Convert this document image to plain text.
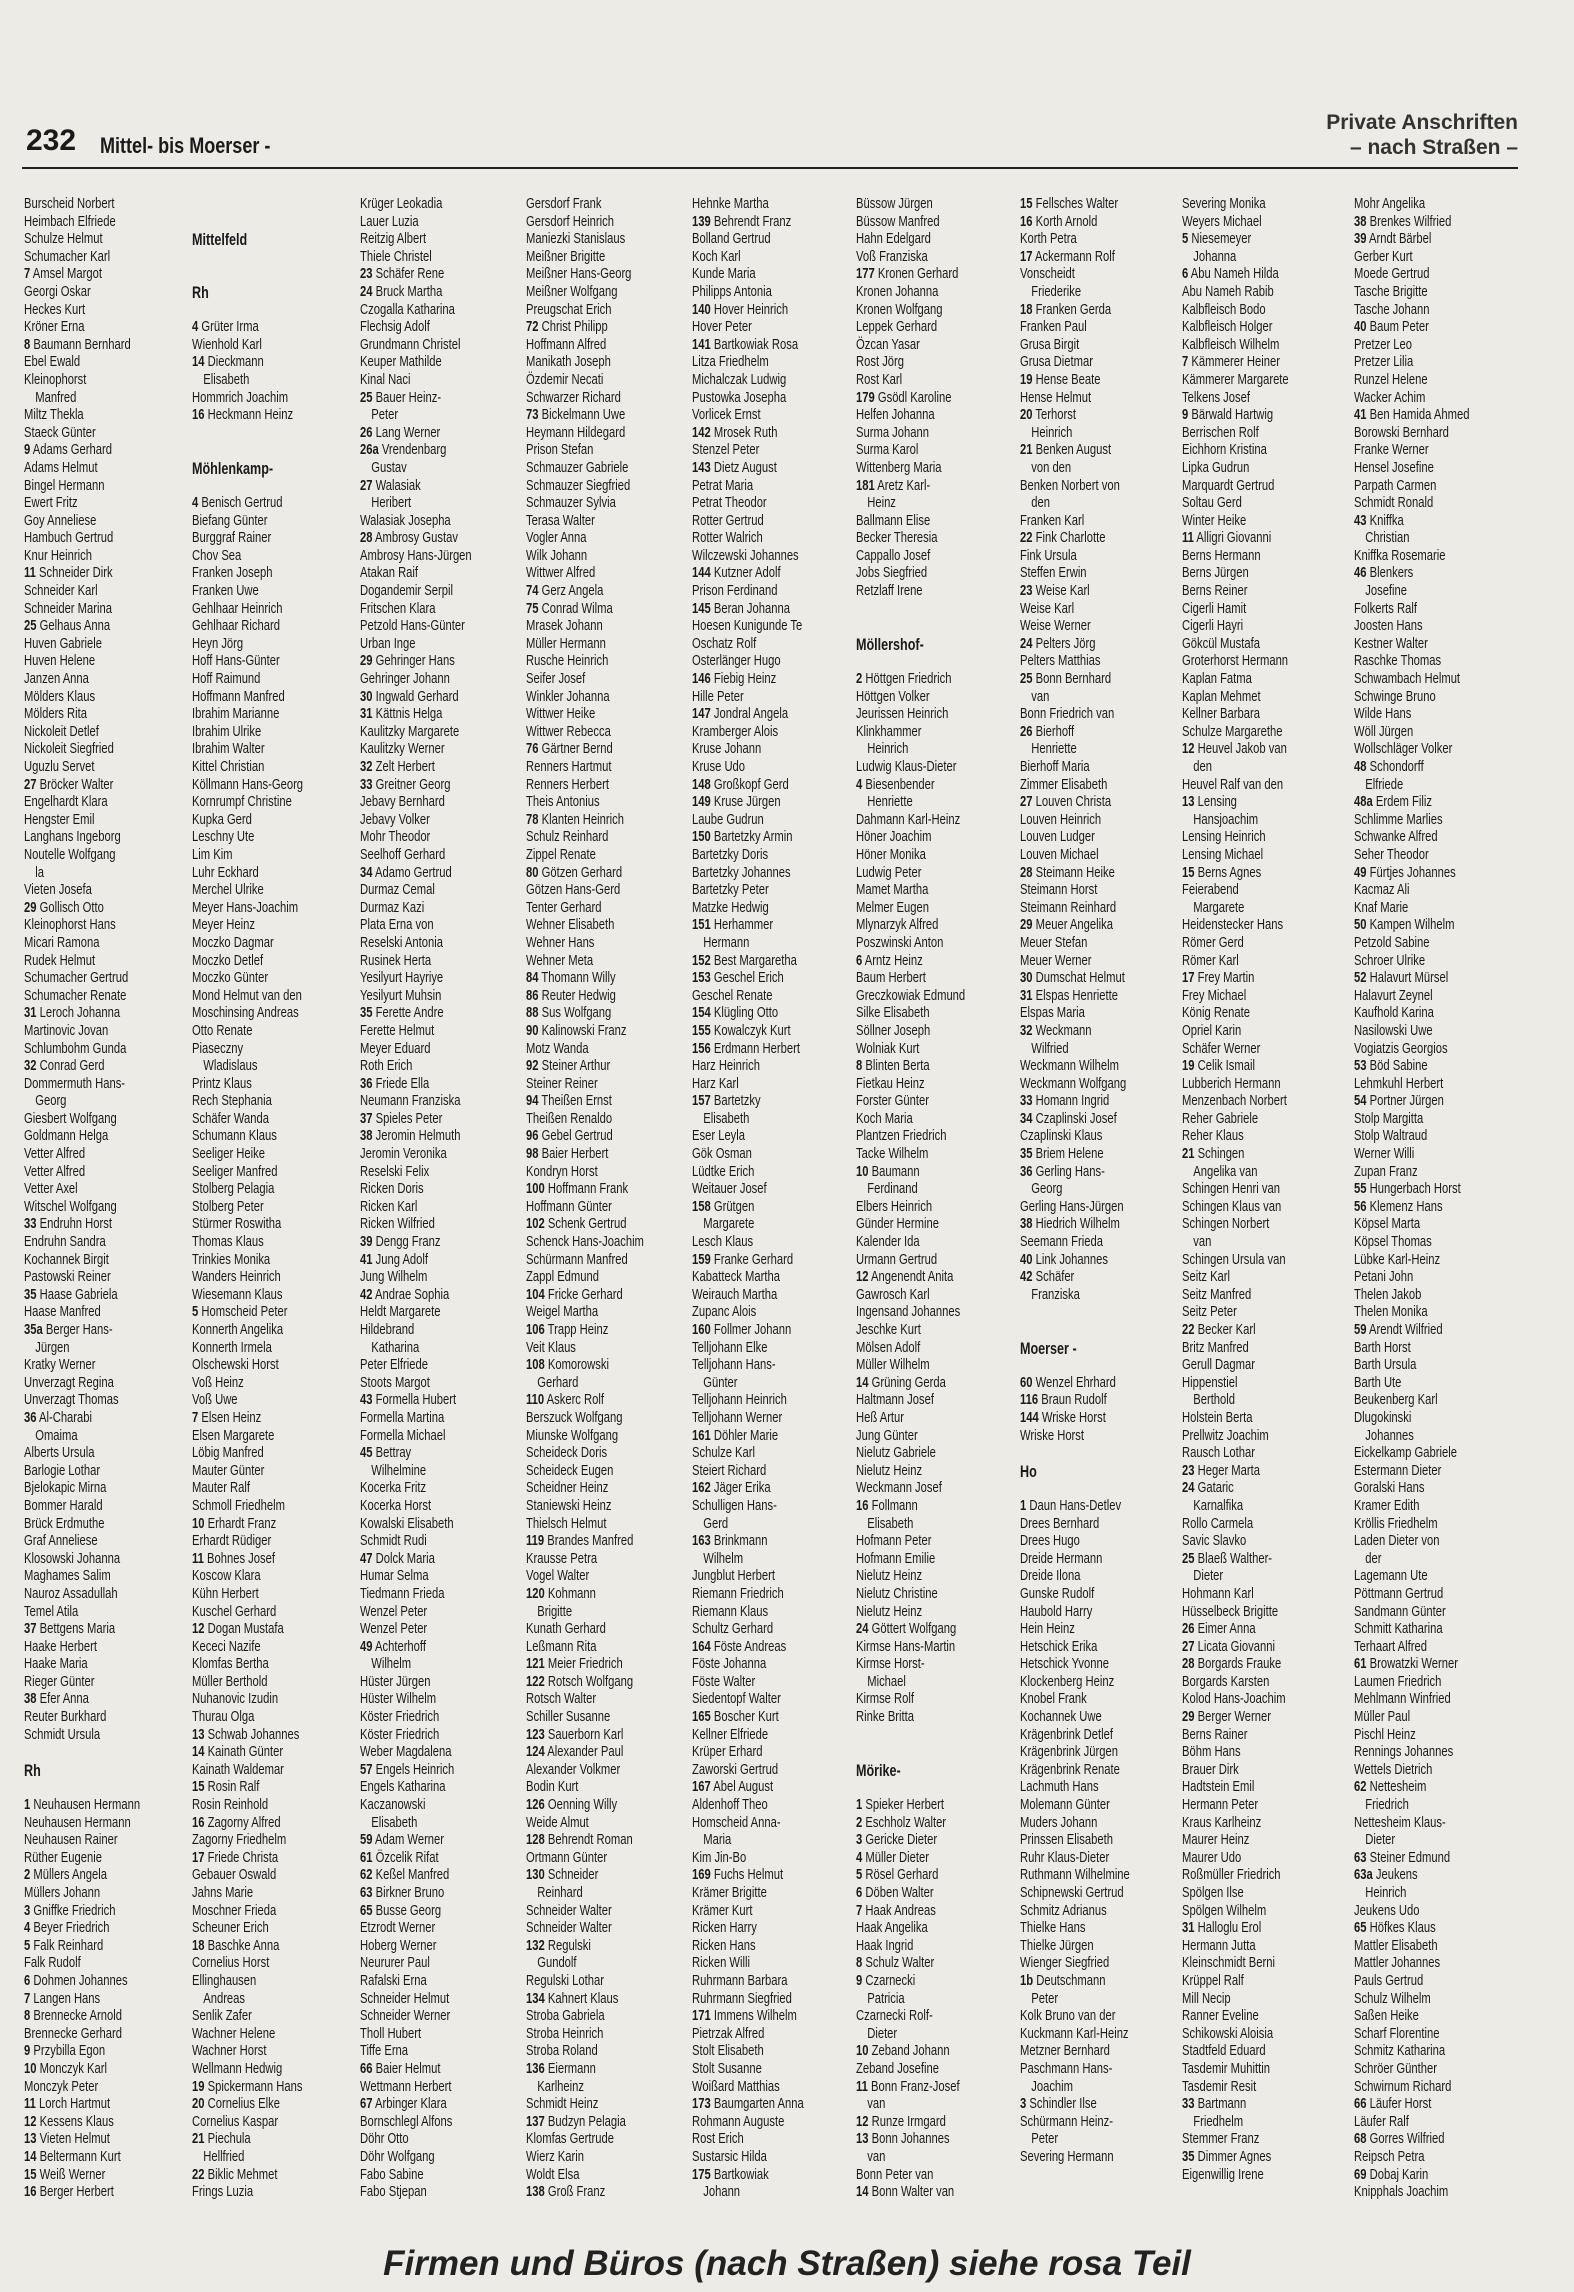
232 Mittel- bis Moerser -
Private Anschriften
– nach Straßen –
Burscheid Norbert
Heimbach Elfriede
Schulze Helmut
Schumacher Karl
7 Amsel Margot
Georgi Oskar
Heckes Kurt
Kröner Erna
8 Baumann Bernhard
Ebel Ewald
Kleinophorst
 Manfred
Miltz Thekla
Staeck Günter
9 Adams Gerhard
Adams Helmut
Bingel Hermann
Ewert Fritz
Goy Anneliese
Hambuch Gertrud
Knur Heinrich
11 Schneider Dirk
Schneider Karl
Schneider Marina
25 Gelhaus Anna
Huven Gabriele
Huven Helene
Janzen Anna
Mölders Klaus
Mölders Rita
Nickoleit Detlef
Nickoleit Siegfried
Uguzlu Servet
27 Bröcker Walter
Engelhardt Klara
Hengster Emil
Langhans Ingeborg
Noutelle Wolfgang
 la
Vieten Josefa
29 Gollisch Otto
Kleinophorst Hans
Micari Ramona
Rudek Helmut
Schumacher Gertrud
Schumacher Renate
31 Leroch Johanna
Martinovic Jovan
Schlumbohm Gunda
32 Conrad Gerd
Dommermuth Hans-
 Georg
Giesbert Wolfgang
Goldmann Helga
Vetter Alfred
Vetter Alfred
Vetter Axel
Witschel Wolfgang
33 Endruhn Horst
Endruhn Sandra
Kochannek Birgit
Pastowski Reiner
35 Haase Gabriela
Haase Manfred
35a Berger Hans-
 Jürgen
Kratky Werner
Unverzagt Regina
Unverzagt Thomas
36 Al-Charabi
 Omaima
Alberts Ursula
Barlogie Lothar
Bjelokapic Mirna
Bommer Harald
Brück Erdmuthe
Graf Anneliese
Klosowski Johanna
Maghames Salim
Nauroz Assadullah
Temel Atila
37 Bettgens Maria
Haake Herbert
Haake Maria
Rieger Günter
38 Efer Anna
Reuter Burkhard
Schmidt Ursula
Rh
1 Neuhausen Hermann
Neuhausen Hermann
Neuhausen Rainer
Rüther Eugenie
2 Müllers Angela
Müllers Johann
3 Gniffke Friedrich
4 Beyer Friedrich
5 Falk Reinhard
Falk Rudolf
6 Dohmen Johannes
7 Langen Hans
8 Brennecke Arnold
Brennecke Gerhard
9 Przybilla Egon
10 Monczyk Karl
Monczyk Peter
11 Lorch Hartmut
12 Kessens Klaus
13 Vieten Helmut
14 Beltermann Kurt
15 Weiß Werner
16 Berger Herbert
Mittelfeld
Rh
4 Grüter Irma
Wienhold Karl
14 Dieckmann
 Elisabeth
Hommrich Joachim
16 Heckmann Heinz
Möhlenkamp-
4 Benisch Gertrud
Biefang Günter
Burggraf Rainer
Chov Sea
Franken Joseph
Franken Uwe
Gehlhaar Heinrich
Gehlhaar Richard
Heyn Jörg
Hoff Hans-Günter
Hoff Raimund
Hoffmann Manfred
Ibrahim Marianne
Ibrahim Ulrike
Ibrahim Walter
Kittel Christian
Köllmann Hans-Georg
Kornrumpf Christine
Kupka Gerd
Leschny Ute
Lim Kim
Luhr Eckhard
Merchel Ulrike
Meyer Hans-Joachim
Meyer Heinz
Moczko Dagmar
Moczko Detlef
Moczko Günter
Mond Helmut van den
Moschinsing Andreas
Otto Renate
Piaseczny
 Wladislaus
Printz Klaus
Rech Stephania
Schäfer Wanda
Schumann Klaus
Seeliger Heike
Seeliger Manfred
Stolberg Pelagia
Stolberg Peter
Stürmer Roswitha
Thomas Klaus
Trinkies Monika
Wanders Heinrich
Wiesemann Klaus
5 Homscheid Peter
Konnerth Angelika
Konnerth Irmela
Olschewski Horst
Voß Heinz
Voß Uwe
7 Elsen Heinz
Elsen Margarete
Löbig Manfred
Mauter Günter
Mauter Ralf
Schmoll Friedhelm
10 Erhardt Franz
Erhardt Rüdiger
11 Bohnes Josef
Koscow Klara
Kühn Herbert
Kuschel Gerhard
12 Dogan Mustafa
Kececi Nazife
Klomfas Bertha
Müller Berthold
Nuhanovic Izudin
Thurau Olga
13 Schwab Johannes
14 Kainath Günter
Kainath Waldemar
15 Rosin Ralf
Rosin Reinhold
16 Zagorny Alfred
Zagorny Friedhelm
17 Friede Christa
Gebauer Oswald
Jahns Marie
Moschner Frieda
Scheuner Erich
18 Baschke Anna
Cornelius Horst
Ellinghausen
 Andreas
Senlik Zafer
Wachner Helene
Wachner Horst
Wellmann Hedwig
19 Spickermann Hans
20 Cornelius Elke
Cornelius Kaspar
21 Piechula
 Hellfried
22 Biklic Mehmet
Frings Luzia
Krüger Leokadia
Lauer Luzia
Reitzig Albert
Thiele Christel
23 Schäfer Rene
24 Bruck Martha
Czogalla Katharina
Flechsig Adolf
Grundmann Christel
Keuper Mathilde
Kinal Naci
25 Bauer Heinz-
 Peter
26 Lang Werner
26a Vrendenbarg
 Gustav
27 Walasiak
 Heribert
Walasiak Josepha
28 Ambrosy Gustav
Ambrosy Hans-Jürgen
Atakan Raif
Dogandemir Serpil
Fritschen Klara
Petzold Hans-Günter
Urban Inge
29 Gehringer Hans
Gehringer Johann
30 Ingwald Gerhard
31 Kättnis Helga
Kaulitzky Margarete
Kaulitzky Werner
32 Zelt Herbert
33 Greitner Georg
Jebavy Bernhard
Jebavy Volker
Mohr Theodor
Seelhoff Gerhard
34 Adamo Gertrud
Durmaz Cemal
Durmaz Kazi
Plata Erna von
Reselski Antonia
Rusinek Herta
Yesilyurt Hayriye
Yesilyurt Muhsin
35 Ferette Andre
Ferette Helmut
Meyer Eduard
Roth Erich
36 Friede Ella
Neumann Franziska
37 Spieles Peter
38 Jeromin Helmuth
Jeromin Veronika
Reselski Felix
Ricken Doris
Ricken Karl
Ricken Wilfried
39 Dengg Franz
41 Jung Adolf
Jung Wilhelm
42 Andrae Sophia
Heldt Margarete
Hildebrand
 Katharina
Peter Elfriede
Stoots Margot
43 Formella Hubert
Formella Martina
Formella Michael
45 Bettray
 Wilhelmine
Kocerka Fritz
Kocerka Horst
Kowalski Elisabeth
Schmidt Rudi
47 Dolck Maria
Humar Selma
Tiedmann Frieda
Wenzel Peter
Wenzel Peter
49 Achterhoff
 Wilhelm
Hüster Jürgen
Hüster Wilhelm
Köster Friedrich
Köster Friedrich
Weber Magdalena
57 Engels Heinrich
Engels Katharina
Kaczanowski
 Elisabeth
59 Adam Werner
61 Özcelik Rifat
62 Keßel Manfred
63 Birkner Bruno
65 Busse Georg
Etzrodt Werner
Hoberg Werner
Neururer Paul
Rafalski Erna
Schneider Helmut
Schneider Werner
Tholl Hubert
Tiffe Erna
66 Baier Helmut
Wettmann Herbert
67 Arbinger Klara
Bornschlegl Alfons
Döhr Otto
Döhr Wolfgang
Fabo Sabine
Fabo Stjepan
Gersdorf Frank
Gersdorf Heinrich
Maniezki Stanislaus
Meißner Brigitte
Meißner Hans-Georg
Meißner Wolfgang
Preugschat Erich
72 Christ Philipp
Hoffmann Alfred
Manikath Joseph
Özdemir Necati
Schwarzer Richard
73 Bickelmann Uwe
Heymann Hildegard
Prison Stefan
Schmauzer Gabriele
Schmauzer Siegfried
Schmauzer Sylvia
Terasa Walter
Vogler Anna
Wilk Johann
Wittwer Alfred
74 Gerz Angela
75 Conrad Wilma
Mrasek Johann
Müller Hermann
Rusche Heinrich
Seifer Josef
Winkler Johanna
Wittwer Heike
Wittwer Rebecca
76 Gärtner Bernd
Renners Hartmut
Renners Herbert
Theis Antonius
78 Klanten Heinrich
Schulz Reinhard
Zippel Renate
80 Götzen Gerhard
Götzen Hans-Gerd
Tenter Gerhard
Wehner Elisabeth
Wehner Hans
Wehner Meta
84 Thomann Willy
86 Reuter Hedwig
88 Sus Wolfgang
90 Kalinowski Franz
Motz Wanda
92 Steiner Arthur
Steiner Reiner
94 Theißen Ernst
Theißen Renaldo
96 Gebel Gertrud
98 Baier Herbert
Kondryn Horst
100 Hoffmann Frank
Hoffmann Günter
102 Schenk Gertrud
Schenck Hans-Joachim
Schürmann Manfred
Zappl Edmund
104 Fricke Gerhard
Weigel Martha
106 Trapp Heinz
Veit Klaus
108 Komorowski
 Gerhard
110 Askerc Rolf
Berszuck Wolfgang
Miunske Wolfgang
Scheideck Doris
Scheideck Eugen
Scheidner Heinz
Staniewski Heinz
Thielsch Helmut
119 Brandes Manfred
Krausse Petra
Vogel Walter
120 Kohmann
 Brigitte
Kunath Gerhard
Leßmann Rita
121 Meier Friedrich
122 Rotsch Wolfgang
Rotsch Walter
Schiller Susanne
123 Sauerborn Karl
124 Alexander Paul
Alexander Volkmer
Bodin Kurt
126 Oenning Willy
Weide Almut
128 Behrendt Roman
Ortmann Günter
130 Schneider
 Reinhard
Schneider Walter
Schneider Walter
132 Regulski
 Gundolf
Regulski Lothar
134 Kahnert Klaus
Stroba Gabriela
Stroba Heinrich
Stroba Roland
136 Eiermann
 Karlheinz
Schmidt Heinz
137 Budzyn Pelagia
Klomfas Gertrude
Wierz Karin
Woldt Elsa
138 Groß Franz
Hehnke Martha
139 Behrendt Franz
Bolland Gertrud
Koch Karl
Kunde Maria
Philipps Antonia
140 Hover Heinrich
Hover Peter
141 Bartkowiak Rosa
Litza Friedhelm
Michalczak Ludwig
Pustowka Josepha
Vorlicek Ernst
142 Mrosek Ruth
Stenzel Peter
143 Dietz August
Petrat Maria
Petrat Theodor
Rotter Gertrud
Rotter Walrich
Wilczewski Johannes
144 Kutzner Adolf
Prison Ferdinand
145 Beran Johanna
Hoesen Kunigunde Te
Oschatz Rolf
Osterlänger Hugo
146 Fiebig Heinz
Hille Peter
147 Jondral Angela
Kramberger Alois
Kruse Johann
Kruse Udo
148 Großkopf Gerd
149 Kruse Jürgen
Laube Gudrun
150 Bartetzky Armin
Bartetzky Doris
Bartetzky Johannes
Bartetzky Peter
Matzke Hedwig
151 Herhammer
 Hermann
152 Best Margaretha
153 Geschel Erich
Geschel Renate
154 Klügling Otto
155 Kowalczyk Kurt
156 Erdmann Herbert
Harz Heinrich
Harz Karl
157 Bartetzky
 Elisabeth
Eser Leyla
Gök Osman
Lüdtke Erich
Weitauer Josef
158 Grütgen
 Margarete
Lesch Klaus
159 Franke Gerhard
Kabatteck Martha
Weirauch Martha
Zupanc Alois
160 Follmer Johann
Telljohann Elke
Telljohann Hans-
 Günter
Telljohann Heinrich
Telljohann Werner
161 Döhler Marie
Schulze Karl
Steiert Richard
162 Jäger Erika
Schulligen Hans-
 Gerd
163 Brinkmann
 Wilhelm
Jungblut Herbert
Riemann Friedrich
Riemann Klaus
Schultz Gerhard
164 Föste Andreas
Föste Johanna
Föste Walter
Siedentopf Walter
165 Boscher Kurt
Kellner Elfriede
Krüper Erhard
Zaworski Gertrud
167 Abel August
Aldenhoff Theo
Homscheid Anna-
 Maria
Kim Jin-Bo
169 Fuchs Helmut
Krämer Brigitte
Krämer Kurt
Ricken Harry
Ricken Hans
Ricken Willi
Ruhrmann Barbara
Ruhrmann Siegfried
171 Immens Wilhelm
Pietrzak Alfred
Stolt Elisabeth
Stolt Susanne
Woißard Matthias
173 Baumgarten Anna
Rohmann Auguste
Rost Erich
Sustarsic Hilda
175 Bartkowiak
 Johann
Büssow Jürgen
Büssow Manfred
Hahn Edelgard
Voß Franziska
177 Kronen Gerhard
Kronen Johanna
Kronen Wolfgang
Leppek Gerhard
Özcan Yasar
Rost Jörg
Rost Karl
179 Gsödl Karoline
Helfen Johanna
Surma Johann
Surma Karol
Wittenberg Maria
181 Aretz Karl-
 Heinz
Ballmann Elise
Becker Theresia
Cappallo Josef
Jobs Siegfried
Retzlaff Irene
Möllershof-
2 Höttgen Friedrich
Höttgen Volker
Jeurissen Heinrich
Klinkhammer
 Heinrich
Ludwig Klaus-Dieter
4 Biesenbender
 Henriette
Dahmann Karl-Heinz
Höner Joachim
Höner Monika
Ludwig Peter
Mamet Martha
Melmer Eugen
Mlynarzyk Alfred
Poszwinski Anton
6 Arntz Heinz
Baum Herbert
Greczkowiak Edmund
Silke Elisabeth
Söllner Joseph
Wolniak Kurt
8 Blinten Berta
Fietkau Heinz
Forster Günter
Koch Maria
Plantzen Friedrich
Tacke Wilhelm
10 Baumann
 Ferdinand
Elbers Heinrich
Günder Hermine
Kalender Ida
Urmann Gertrud
12 Angenendt Anita
Gawrosch Karl
Ingensand Johannes
Jeschke Kurt
Mölsen Adolf
Müller Wilhelm
14 Grüning Gerda
Haltmann Josef
Heß Artur
Jung Günter
Nielutz Gabriele
Nielutz Heinz
Weckmann Josef
16 Follmann
 Elisabeth
Hofmann Peter
Hofmann Emilie
Nielutz Heinz
Nielutz Christine
Nielutz Heinz
24 Göttert Wolfgang
Kirmse Hans-Martin
Kirmse Horst-
 Michael
Kirmse Rolf
Rinke Britta
Mörike-
1 Spieker Herbert
2 Eschholz Walter
3 Gericke Dieter
4 Müller Dieter
5 Rösel Gerhard
6 Döben Walter
7 Haak Andreas
Haak Angelika
Haak Ingrid
8 Schulz Walter
9 Czarnecki
 Patricia
Czarnecki Rolf-
 Dieter
10 Zeband Johann
Zeband Josefine
11 Bonn Franz-Josef
 van
12 Runze Irmgard
13 Bonn Johannes
 van
Bonn Peter van
14 Bonn Walter van
15 Fellsches Walter
16 Korth Arnold
Korth Petra
17 Ackermann Rolf
Vonscheidt
 Friederike
18 Franken Gerda
Franken Paul
Grusa Birgit
Grusa Dietmar
19 Hense Beate
Hense Helmut
20 Terhorst
 Heinrich
21 Benken August
 von den
Benken Norbert von
 den
Franken Karl
22 Fink Charlotte
Fink Ursula
Steffen Erwin
23 Weise Karl
Weise Karl
Weise Werner
24 Pelters Jörg
Pelters Matthias
25 Bonn Bernhard
 van
Bonn Friedrich van
26 Bierhoff
 Henriette
Bierhoff Maria
Zimmer Elisabeth
27 Louven Christa
Louven Heinrich
Louven Ludger
Louven Michael
28 Steimann Heike
Steimann Horst
Steimann Reinhard
29 Meuer Angelika
Meuer Stefan
Meuer Werner
30 Dumschat Helmut
31 Elspas Henriette
Elspas Maria
32 Weckmann
 Wilfried
Weckmann Wilhelm
Weckmann Wolfgang
33 Homann Ingrid
34 Czaplinski Josef
Czaplinski Klaus
35 Briem Helene
36 Gerling Hans-
 Georg
Gerling Hans-Jürgen
38 Hiedrich Wilhelm
Seemann Frieda
40 Link Johannes
42 Schäfer
 Franziska
Moerser -
60 Wenzel Ehrhard
116 Braun Rudolf
144 Wriske Horst
Wriske Horst
Ho
1 Daun Hans-Detlev
Drees Bernhard
Drees Hugo
Dreide Hermann
Dreide Ilona
Gunske Rudolf
Haubold Harry
Hein Heinz
Hetschick Erika
Hetschick Yvonne
Klockenberg Heinz
Knobel Frank
Kochannek Uwe
Krägenbrink Detlef
Krägenbrink Jürgen
Krägenbrink Renate
Lachmuth Hans
Molemann Günter
Muders Johann
Prinssen Elisabeth
Ruhr Klaus-Dieter
Ruthmann Wilhelmine
Schipnewski Gertrud
Schmitz Adrianus
Thielke Hans
Thielke Jürgen
Wienger Siegfried
1b Deutschmann
 Peter
Kolk Bruno van der
Kuckmann Karl-Heinz
Metzner Bernhard
Paschmann Hans-
 Joachim
3 Schindler Ilse
Schürmann Heinz-
 Peter
Severing Hermann
Severing Monika
Weyers Michael
5 Niesemeyer
 Johanna
6 Abu Nameh Hilda
Abu Nameh Rabib
Kalbfleisch Bodo
Kalbfleisch Holger
Kalbfleisch Wilhelm
7 Kämmerer Heiner
Kämmerer Margarete
Telkens Josef
9 Bärwald Hartwig
Berrischen Rolf
Eichhorn Kristina
Lipka Gudrun
Marquardt Gertrud
Soltau Gerd
Winter Heike
11 Alligri Giovanni
Berns Hermann
Berns Jürgen
Berns Reiner
Cigerli Hamit
Cigerli Hayri
Gökcül Mustafa
Groterhorst Hermann
Kaplan Fatma
Kaplan Mehmet
Kellner Barbara
Schulze Margarethe
12 Heuvel Jakob van
 den
Heuvel Ralf van den
13 Lensing
 Hansjoachim
Lensing Heinrich
Lensing Michael
15 Berns Agnes
Feierabend
 Margarete
Heidenstecker Hans
Römer Gerd
Römer Karl
17 Frey Martin
Frey Michael
König Renate
Opriel Karin
Schäfer Werner
19 Celik Ismail
Lubberich Hermann
Menzenbach Norbert
Reher Gabriele
Reher Klaus
21 Schingen
 Angelika van
Schingen Henri van
Schingen Klaus van
Schingen Norbert
 van
Schingen Ursula van
Seitz Karl
Seitz Manfred
Seitz Peter
22 Becker Karl
Britz Manfred
Gerull Dagmar
Hippenstiel
 Berthold
Holstein Berta
Prellwitz Joachim
Rausch Lothar
23 Heger Marta
24 Gataric
 Karnalfika
Rollo Carmela
Savic Slavko
25 Blaeß Walther-
 Dieter
Hohmann Karl
Hüsselbeck Brigitte
26 Eimer Anna
27 Licata Giovanni
28 Borgards Frauke
Borgards Karsten
Kolod Hans-Joachim
29 Berger Werner
Berns Rainer
Böhm Hans
Brauer Dirk
Hadtstein Emil
Hermann Peter
Kraus Karlheinz
Maurer Heinz
Maurer Udo
Roßmüller Friedrich
Spölgen Ilse
Spölgen Wilhelm
31 Halloglu Erol
Hermann Jutta
Kleinschmidt Berni
Krüppel Ralf
Mill Necip
Ranner Eveline
Schikowski Aloisia
Stadtfeld Eduard
Tasdemir Muhittin
Tasdemir Resit
33 Bartmann
 Friedhelm
Stemmer Franz
35 Dimmer Agnes
Eigenwillig Irene
Mohr Angelika
38 Brenkes Wilfried
39 Arndt Bärbel
Gerber Kurt
Moede Gertrud
Tasche Brigitte
Tasche Johann
40 Baum Peter
Pretzer Leo
Pretzer Lilia
Runzel Helene
Wacker Achim
41 Ben Hamida Ahmed
Borowski Bernhard
Franke Werner
Hensel Josefine
Parpath Carmen
Schmidt Ronald
43 Kniffka
 Christian
Kniffka Rosemarie
46 Blenkers
 Josefine
Folkerts Ralf
Joosten Hans
Kestner Walter
Raschke Thomas
Schwambach Helmut
Schwinge Bruno
Wilde Hans
Wöll Jürgen
Wollschläger Volker
48 Schondorff
 Elfriede
48a Erdem Filiz
Schlimme Marlies
Schwanke Alfred
Seher Theodor
49 Fürtjes Johannes
Kacmaz Ali
Knaf Marie
50 Kampen Wilhelm
Petzold Sabine
Schroer Ulrike
52 Halavurt Mürsel
Halavurt Zeynel
Kaufhold Karina
Nasilowski Uwe
Vogiatzis Georgios
53 Böd Sabine
Lehmkuhl Herbert
54 Portner Jürgen
Stolp Margitta
Stolp Waltraud
Werner Willi
Zupan Franz
55 Hungerbach Horst
56 Klemenz Hans
Köpsel Marta
Köpsel Thomas
Lübke Karl-Heinz
Petani John
Thelen Jakob
Thelen Monika
59 Arendt Wilfried
Barth Horst
Barth Ursula
Barth Ute
Beukenberg Karl
Dlugokinski
 Johannes
Eickelkamp Gabriele
Estermann Dieter
Goralski Hans
Kramer Edith
Kröllis Friedhelm
Laden Dieter von
 der
Lagemann Ute
Pöttmann Gertrud
Sandmann Günter
Schmitt Katharina
Terhaart Alfred
61 Browatzki Werner
Laumen Friedrich
Mehlmann Winfried
Müller Paul
Pischl Heinz
Rennings Johannes
Wettels Dietrich
62 Nettesheim
 Friedrich
Nettesheim Klaus-
 Dieter
63 Steiner Edmund
63a Jeukens
 Heinrich
Jeukens Udo
65 Höfkes Klaus
Mattler Elisabeth
Mattler Johannes
Pauls Gertrud
Schulz Wilhelm
Saßen Heike
Scharf Florentine
Schmitz Katharina
Schröer Günther
Schwirnum Richard
66 Läufer Horst
Läufer Ralf
68 Gorres Wilfried
Reipsch Petra
69 Dobaj Karin
Knipphals Joachim
Firmen und Büros (nach Straßen) siehe rosa Teil
